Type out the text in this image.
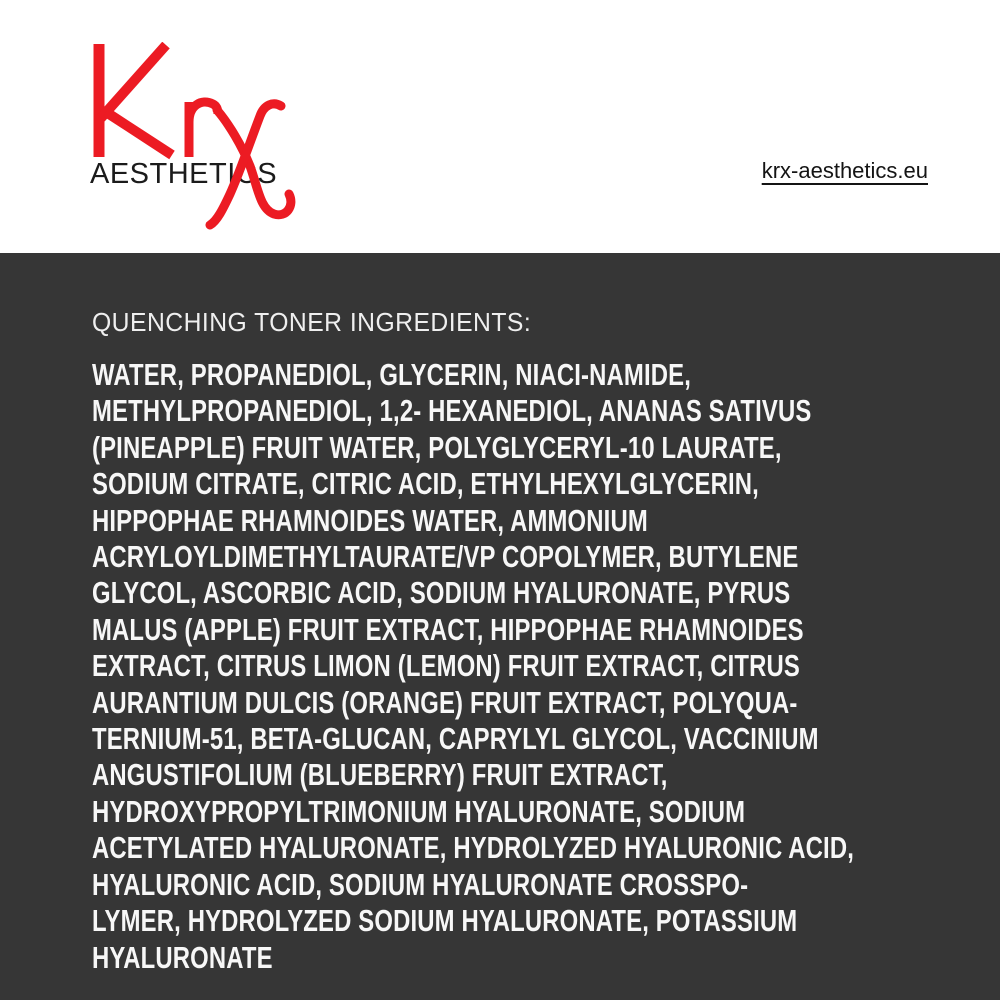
AESTHETICS	krx-aesthetics.eu
QUENCHING TONER INGREDIENTS:
WATER, PROPANEDIOL, GLYCERIN, NIACI-NAMIDE,
METHYLPROPANEDIOL, 1,2- HEXANEDIOL, ANANAS SATIVUS
(PINEAPPLE) FRUIT WATER, POLYGLYCERYL-10 LAURATE,
SODIUM CITRATE, CITRIC ACID, ETHYLHEXYLGLYCERIN,
HIPPOPHAE RHAMNOIDES WATER, AMMONIUM
ACRYLOYLDIMETHYLTAURATE/VP COPOLYMER, BUTYLENE
GLYCOL, ASCORBIC ACID, SODIUM HYALURONATE, PYRUS
MALUS (APPLE) FRUIT EXTRACT, HIPPOPHAE RHAMNOIDES
EXTRACT, CITRUS LIMON (LEMON) FRUIT EXTRACT, CITRUS
AURANTIUM DULCIS (ORANGE) FRUIT EXTRACT, POLYQUA-
TERNIUM-51, BETA-GLUCAN, CAPRYLYL GLYCOL, VACCINIUM
ANGUSTIFOLIUM (BLUEBERRY) FRUIT EXTRACT,
HYDROXYPROPYLTRIMONIUM HYALURONATE, SODIUM
ACETYLATED HYALURONATE, HYDROLYZED HYALURONIC ACID,
HYALURONIC ACID, SODIUM HYALURONATE CROSSPO-
LYMER, HYDROLYZED SODIUM HYALURONATE, POTASSIUM
HYALURONATE
